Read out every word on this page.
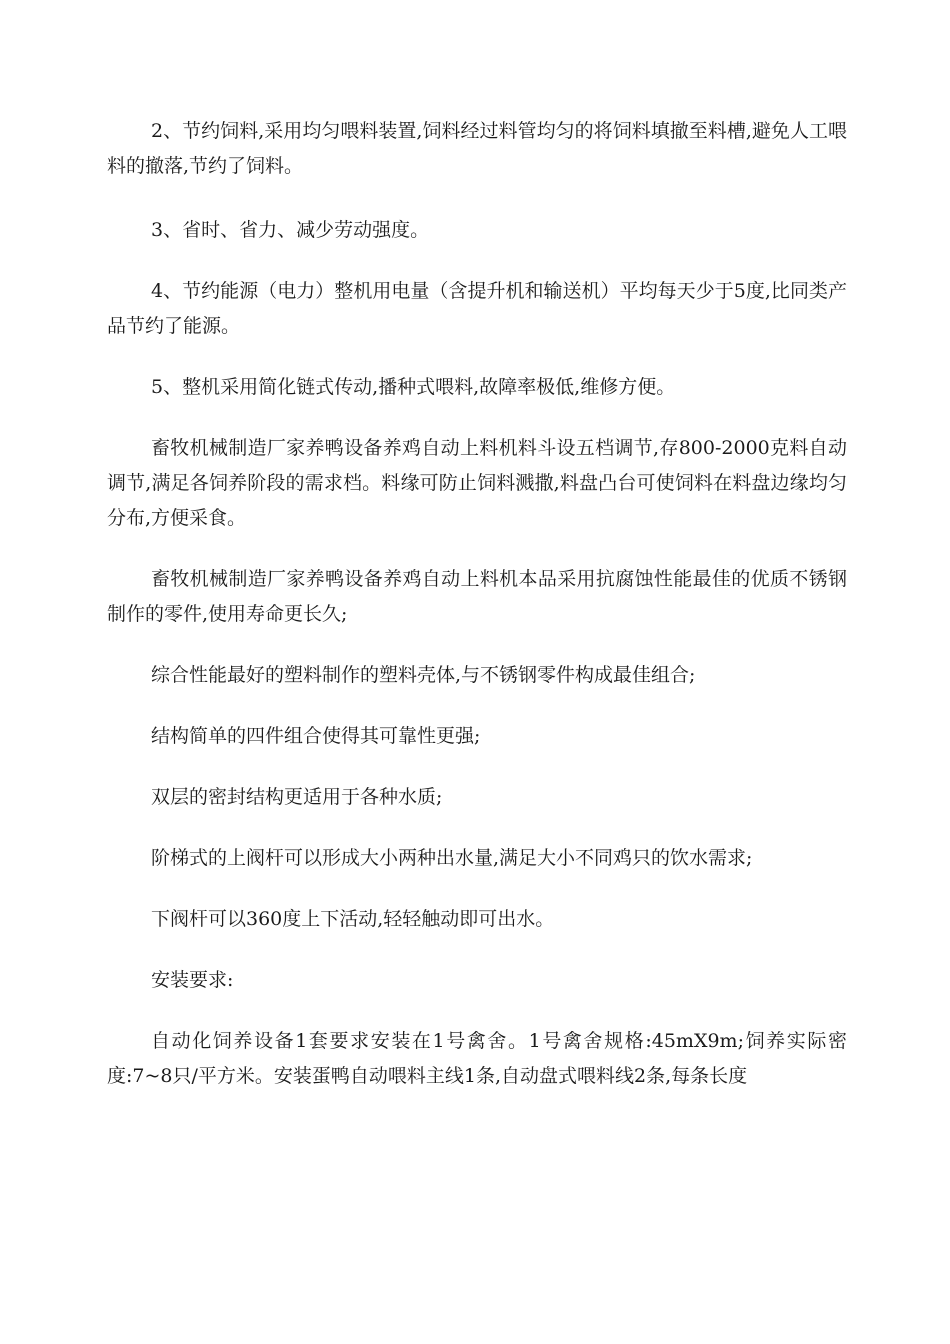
2、节约饲料,采用均匀喂料装置,饲料经过料管均匀的将饲料填撤至料槽,避免人工喂料的撤落,节约了饲料。

3、省时、省力、减少劳动强度。

4、节约能源（电力）整机用电量（含提升机和输送机）平均每天少于5度,比同类产品节约了能源。

5、整机采用简化链式传动,播种式喂料,故障率极低,维修方便。

畜牧机械制造厂家养鸭设备养鸡自动上料机料斗设五档调节,存800-2000克料自动调节,满足各饲养阶段的需求档。料缘可防止饲料溅撒,料盘凸台可使饲料在料盘边缘均匀分布,方便采食。

畜牧机械制造厂家养鸭设备养鸡自动上料机本品采用抗腐蚀性能最佳的优质不锈钢制作的零件,使用寿命更长久;

综合性能最好的塑料制作的塑料壳体,与不锈钢零件构成最佳组合;

结构简单的四件组合使得其可靠性更强;

双层的密封结构更适用于各种水质;

阶梯式的上阀杆可以形成大小两种出水量,满足大小不同鸡只的饮水需求;

下阀杆可以360度上下活动,轻轻触动即可出水。

安装要求:

自动化饲养设备1套要求安装在1号禽舍。1号禽舍规格:45mX9m;饲养实际密度:7~8只/平方米。安装蛋鸭自动喂料主线1条,自动盘式喂料线2条,每条长度
